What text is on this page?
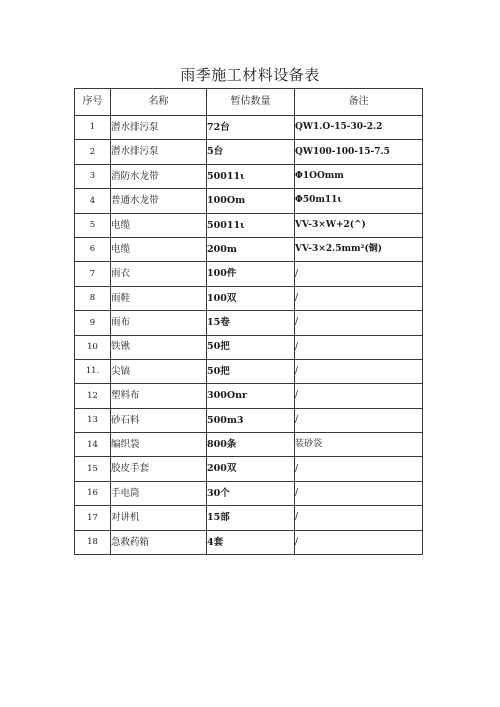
雨季施工材料设备表
序号	名称	暂估数量	备注
1	潜水排污泵	72台	QW1.O-15-30-2.2
2	潜水排污泵	5台	QW100-100-15-7.5
3	消防水龙带	50011ι	Φ1OOmm
4	普通水龙带	100Om	Φ50m11ι
5	电缆	50011ι	VV-3×W+2(^)
6	电缆	200m	VV-3×2.5mm²(铜)
7	雨衣	100件	/
8	雨鞋	100双	/
9	雨布	15卷	/
10	铁锹	50把	/
11.	尖镐	50把	/
12	塑料布	300Onr	/
13	砂石料	500m3	/
14	编织袋	800条	装砂袋
15	胶皮手套	200双	/
16	手电筒	30个	/
17	对讲机	15部	/
18	急救药箱	4套	/
